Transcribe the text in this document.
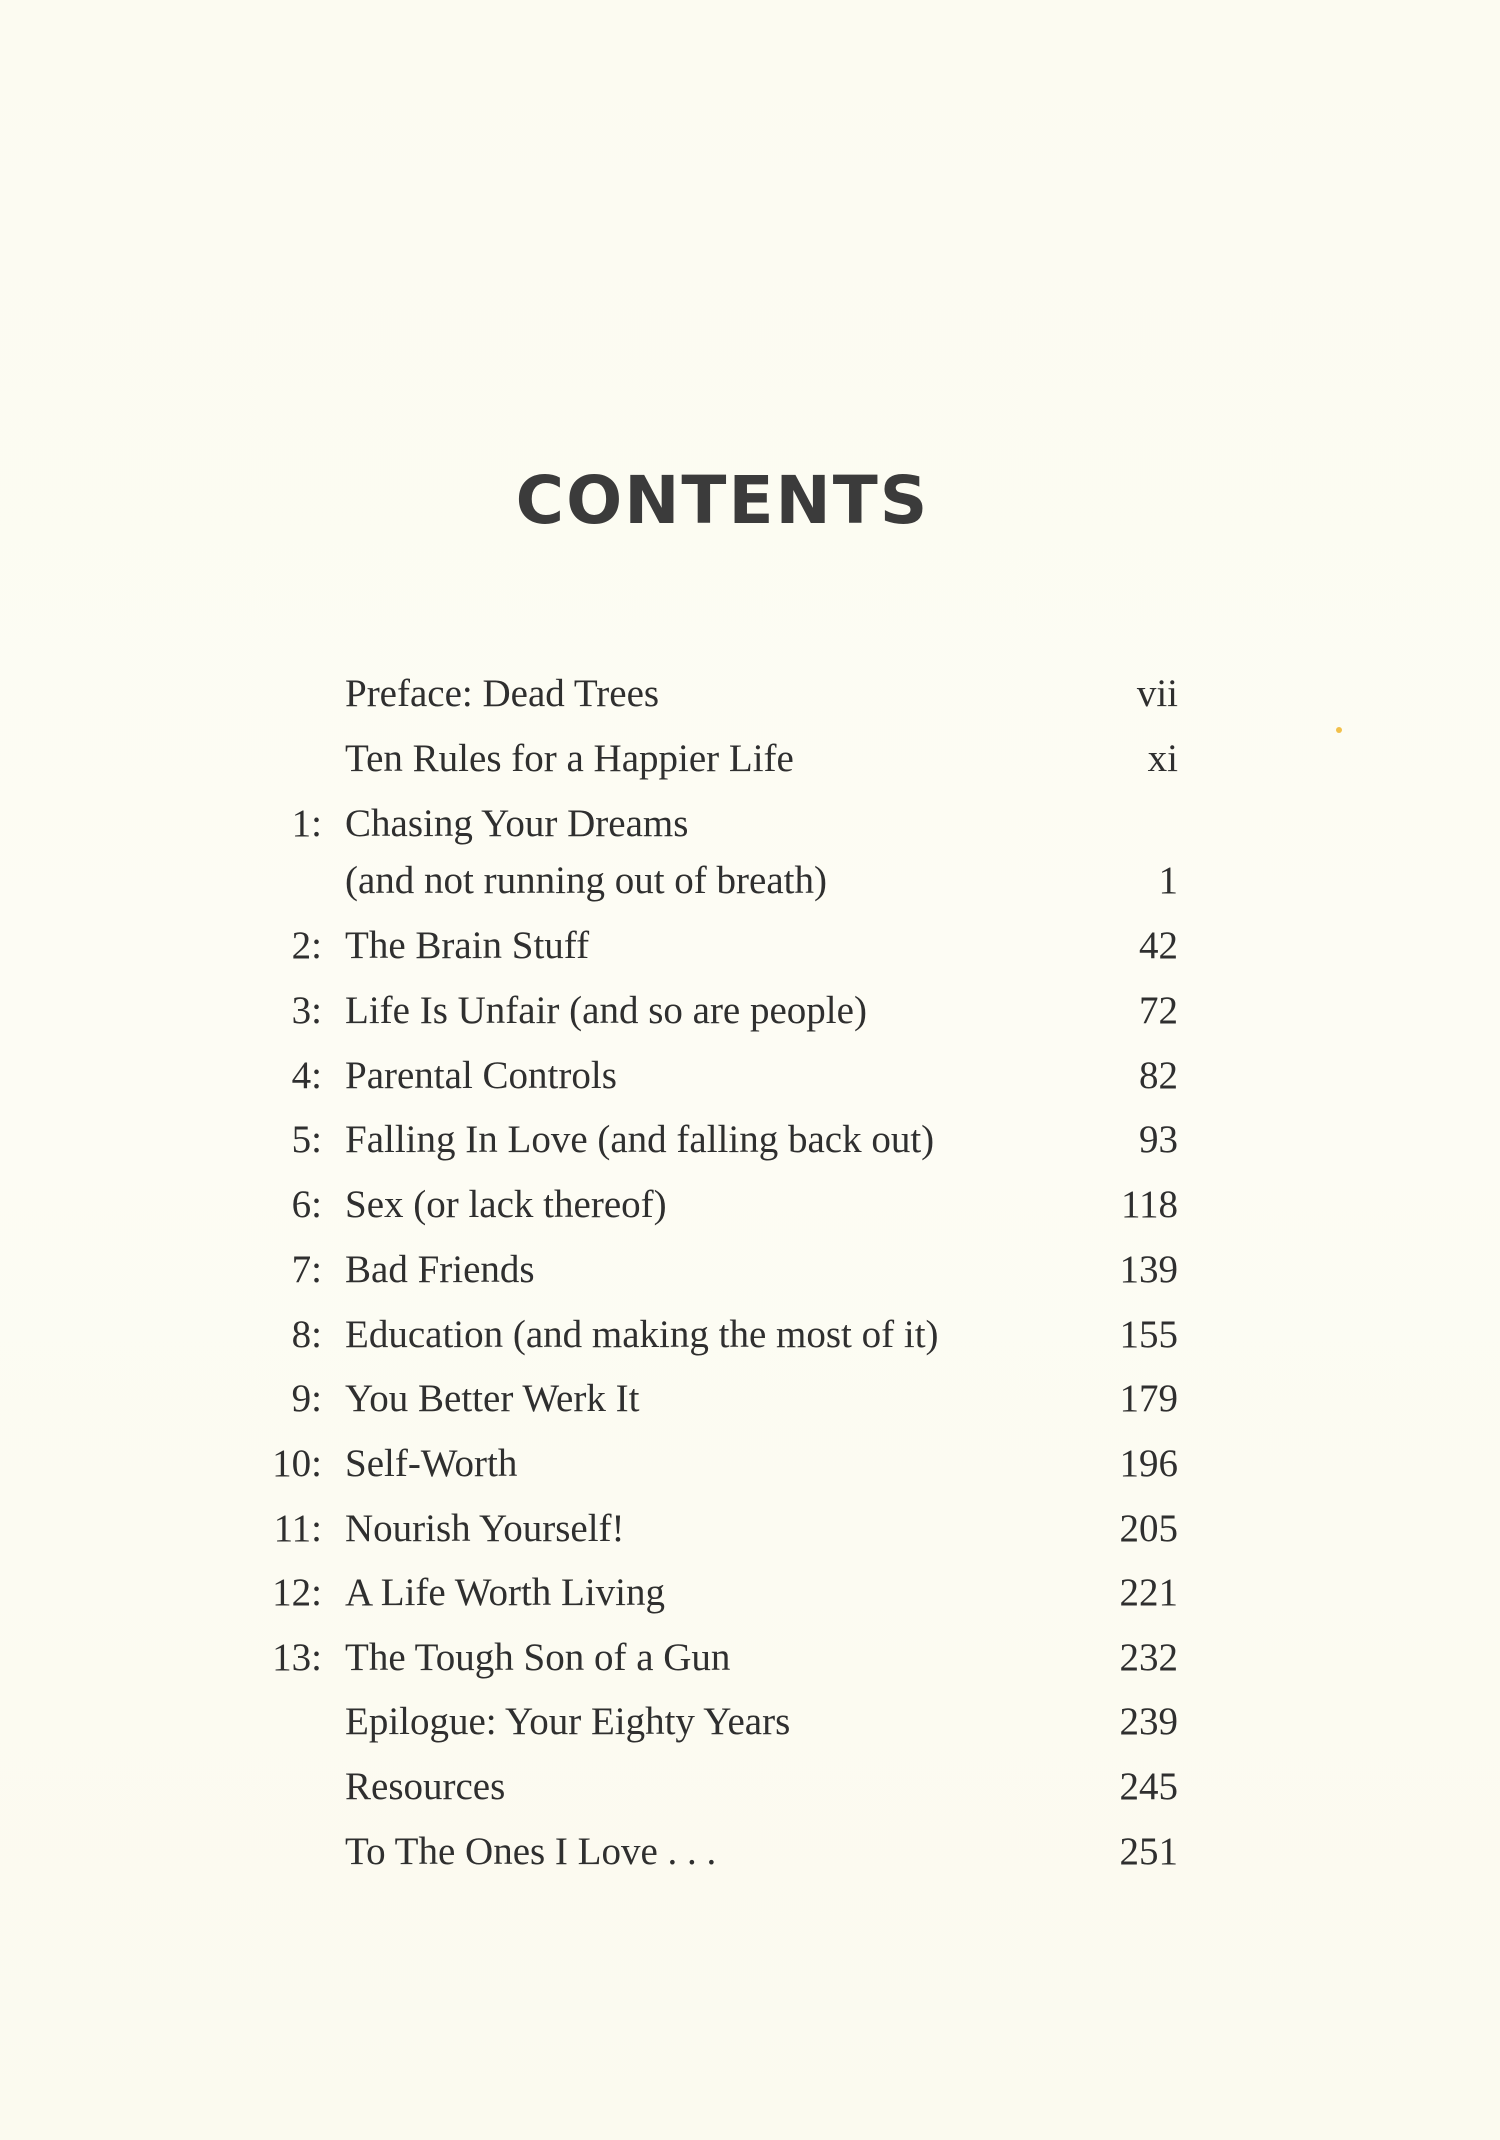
CONTENTS
Preface: Dead Trees	vii
Ten Rules for a Happier Life	xi
1: Chasing Your Dreams
(and not running out of breath)	1
2: The Brain Stuff	42
3: Life Is Unfair (and so are people)	72
4: Parental Controls	82
5: Falling In Love (and falling back out)	93
6: Sex (or lack thereof)	118
7: Bad Friends	139
8: Education (and making the most of it)	155
9: You Better Werk It	179
10: Self-Worth	196
11: Nourish Yourself!	205
12: A Life Worth Living	221
13: The Tough Son of a Gun	232
Epilogue: Your Eighty Years	239
Resources	245
To The Ones I Love . . .	251
